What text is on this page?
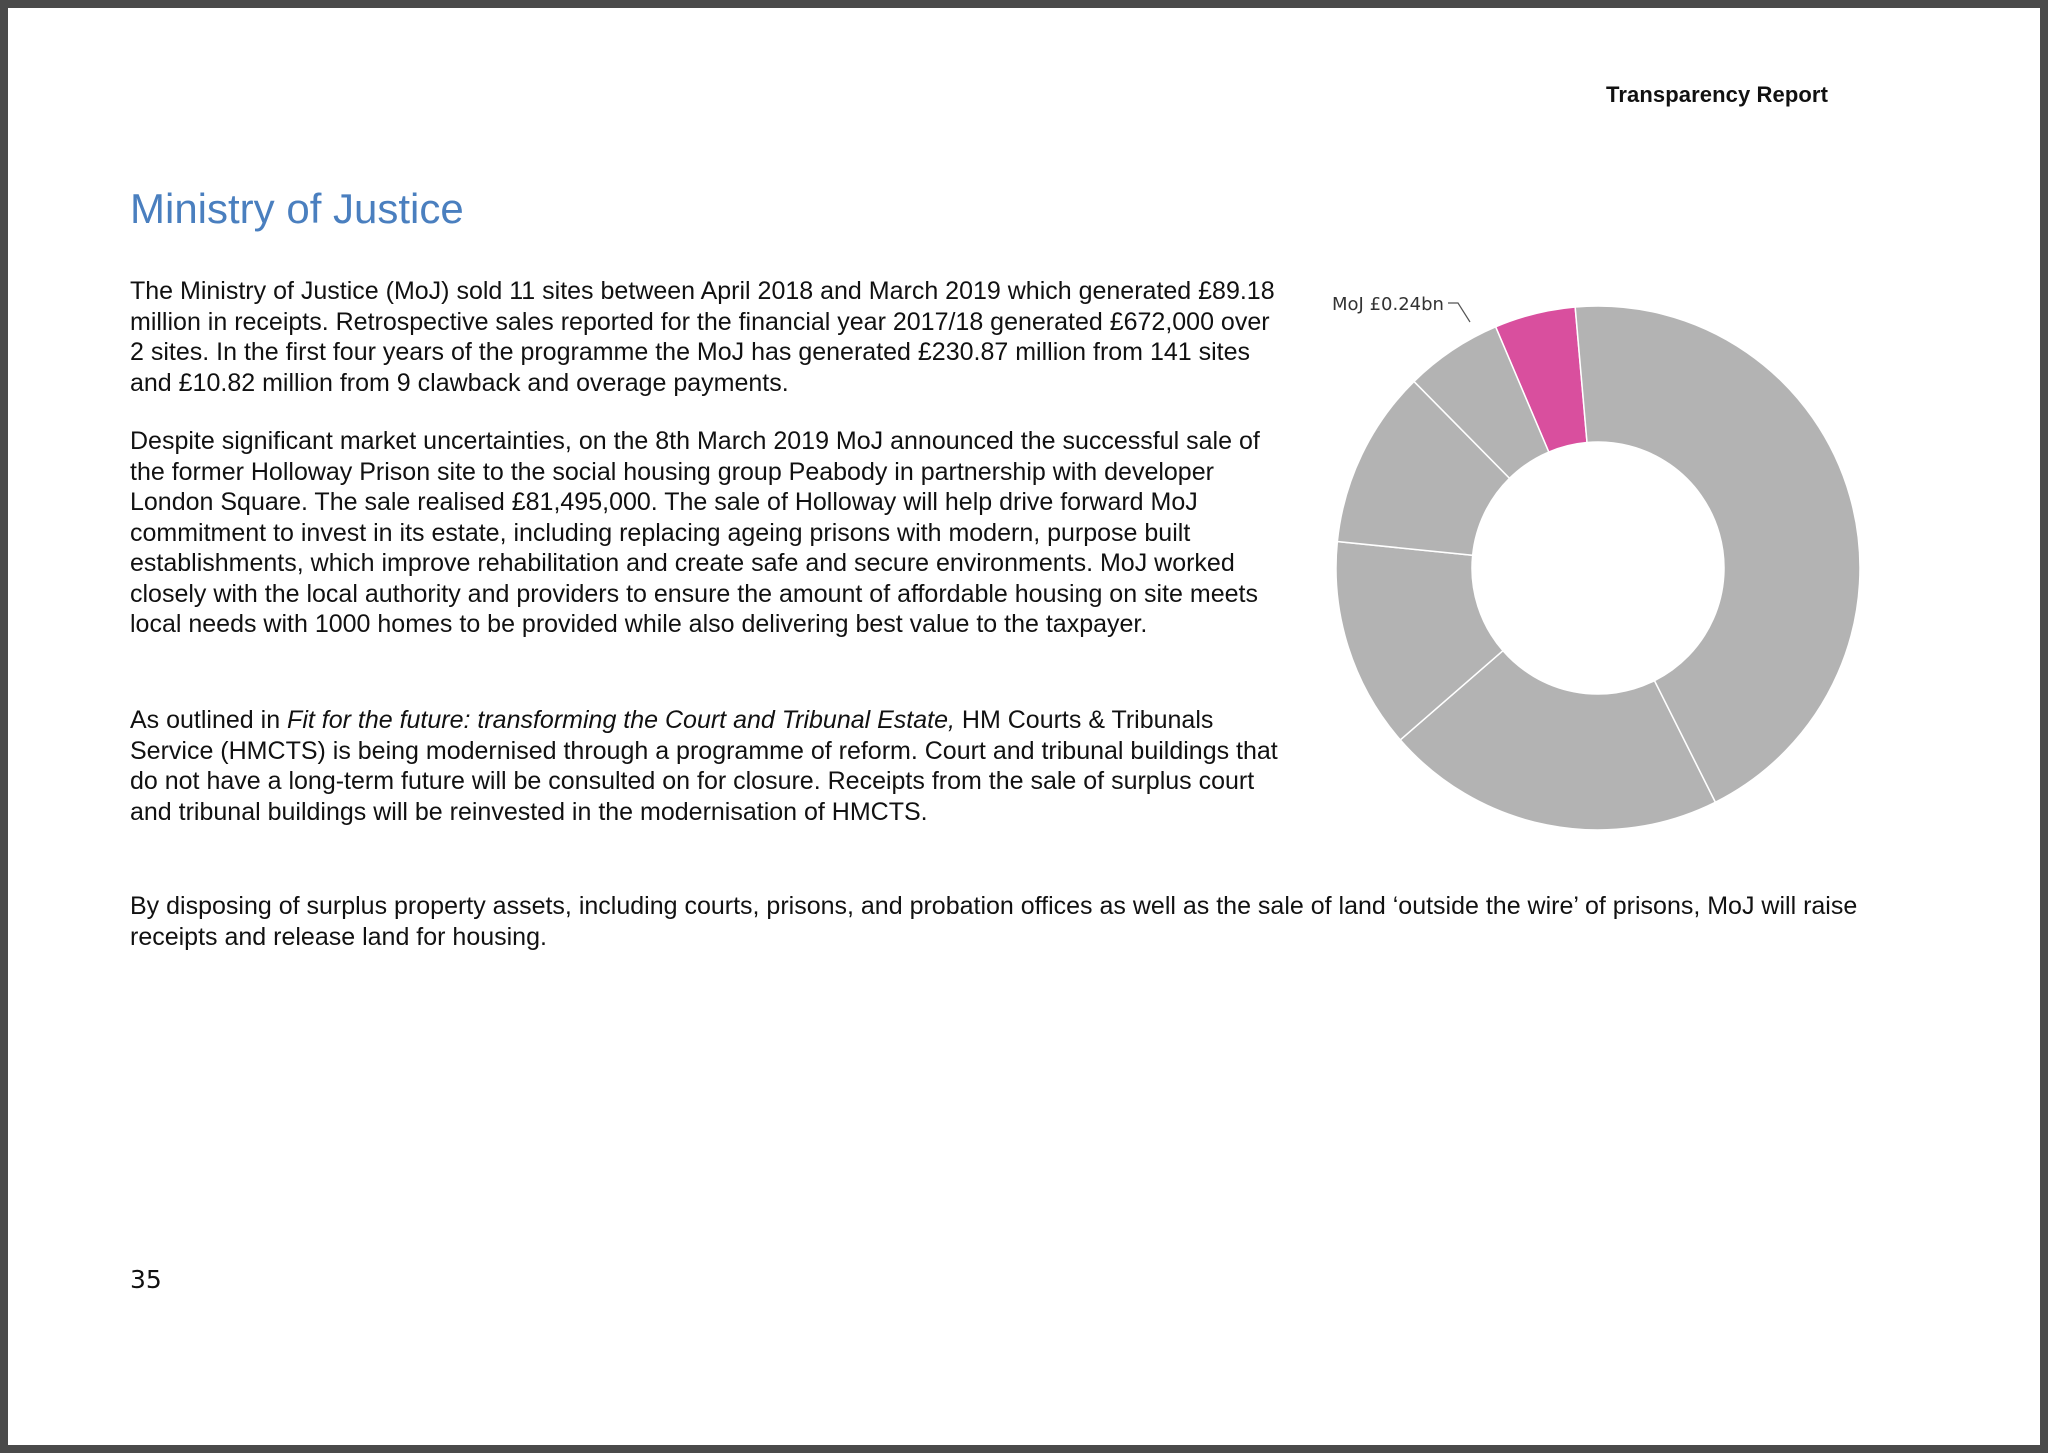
Transparency Report
Ministry of Justice

The Ministry of Justice (MoJ) sold 11 sites between April 2018 and March 2019 which generated £89.18 million in receipts. Retrospective sales reported for the financial year 2017/18 generated £672,000 over 2 sites. In the first four years of the programme the MoJ has generated £230.87 million from 141 sites and £10.82 million from 9 clawback and overage payments.

Despite significant market uncertainties, on the 8th March 2019 MoJ announced the successful sale of the former Holloway Prison site to the social housing group Peabody in partnership with developer London Square. The sale realised £81,495,000. The sale of Holloway will help drive forward MoJ commitment to invest in its estate, including replacing ageing prisons with modern, purpose built establishments, which improve rehabilitation and create safe and secure environments. MoJ worked closely with the local authority and providers to ensure the amount of affordable housing on site meets local needs with 1000 homes to be provided while also delivering best value to the taxpayer.

As outlined in Fit for the future: transforming the Court and Tribunal Estate, HM Courts & Tribunals Service (HMCTS) is being modernised through a programme of reform. Court and tribunal buildings that do not have a long-term future will be consulted on for closure. Receipts from the sale of surplus court and tribunal buildings will be reinvested in the modernisation of HMCTS.

By disposing of surplus property assets, including courts, prisons, and probation offices as well as the sale of land ‘outside the wire’ of prisons, MoJ will raise receipts and release land for housing.

MoJ £0.24bn
35
